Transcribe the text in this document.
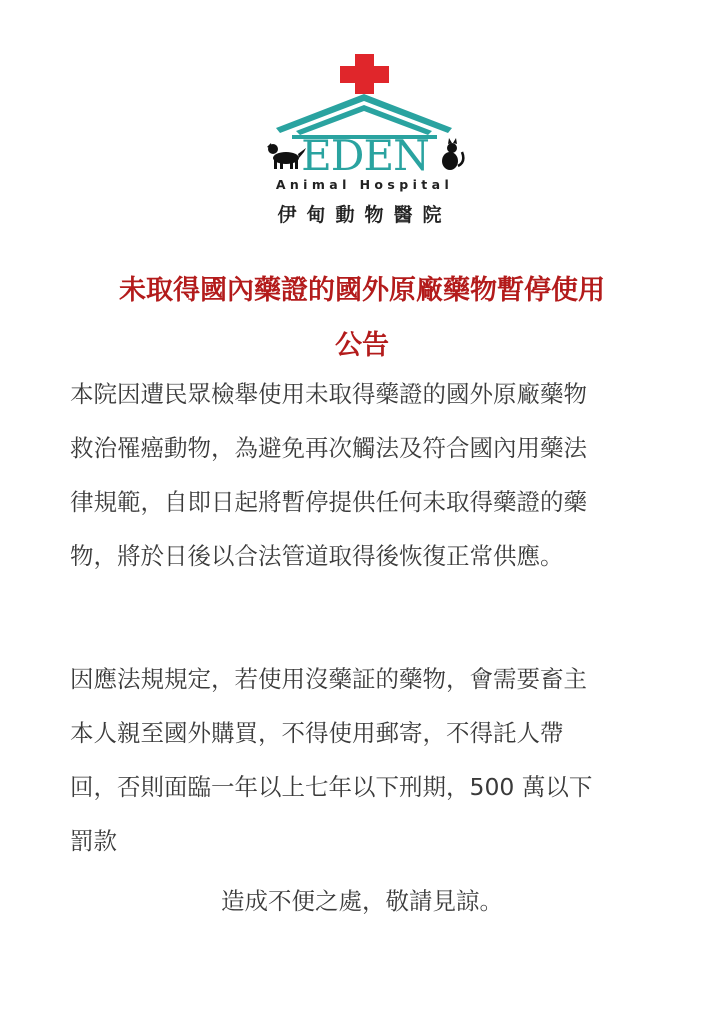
EDEN
Animal Hospital
伊甸動物醫院
未取得國內藥證的國外原廠藥物暫停使用
公告

本院因遭民眾檢舉使用未取得藥證的國外原廠藥物
救治罹癌動物，為避免再次觸法及符合國內用藥法
律規範，自即日起將暫停提供任何未取得藥證的藥
物，將於日後以合法管道取得後恢復正常供應。

因應法規規定，若使用沒藥証的藥物，會需要畜主
本人親至國外購買，不得使用郵寄，不得託人帶
回，否則面臨一年以上七年以下刑期，500 萬以下
罰款

造成不便之處，敬請見諒。
